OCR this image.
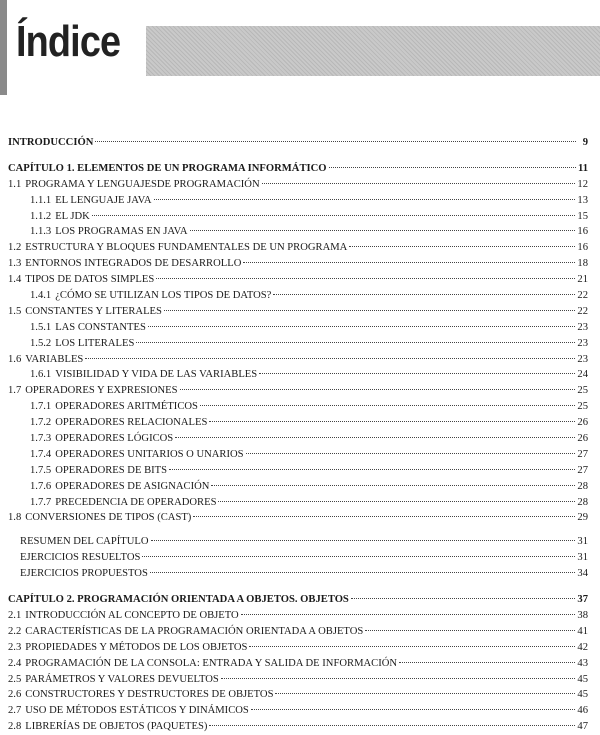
Índice
INTRODUCCIÓN	9
CAPÍTULO 1. ELEMENTOS DE UN PROGRAMA INFORMÁTICO	11
1.1 PROGRAMA Y LENGUAJESDE PROGRAMACIÓN	12
1.1.1 EL LENGUAJE JAVA	13
1.1.2 EL JDK	15
1.1.3 LOS PROGRAMAS EN JAVA	16
1.2 ESTRUCTURA Y BLOQUES FUNDAMENTALES DE UN PROGRAMA	16
1.3 ENTORNOS INTEGRADOS DE DESARROLLO	18
1.4 TIPOS DE DATOS SIMPLES	21
1.4.1 ¿CÓMO SE UTILIZAN LOS TIPOS DE DATOS?	22
1.5 CONSTANTES Y LITERALES	22
1.5.1 LAS CONSTANTES	23
1.5.2 LOS LITERALES	23
1.6 VARIABLES	23
1.6.1 VISIBILIDAD Y VIDA DE LAS VARIABLES	24
1.7 OPERADORES Y EXPRESIONES	25
1.7.1 OPERADORES ARITMÉTICOS	25
1.7.2 OPERADORES RELACIONALES	26
1.7.3 OPERADORES LÓGICOS	26
1.7.4 OPERADORES UNITARIOS O UNARIOS	27
1.7.5 OPERADORES DE BITS	27
1.7.6 OPERADORES DE ASIGNACIÓN	28
1.7.7 PRECEDENCIA DE OPERADORES	28
1.8 CONVERSIONES DE TIPOS (CAST)	29
RESUMEN DEL CAPÍTULO	31
EJERCICIOS RESUELTOS	31
EJERCICIOS PROPUESTOS	34
CAPÍTULO 2. PROGRAMACIÓN ORIENTADA A OBJETOS. OBJETOS	37
2.1 INTRODUCCIÓN AL CONCEPTO DE OBJETO	38
2.2 CARACTERÍSTICAS DE LA PROGRAMACIÓN ORIENTADA A OBJETOS	41
2.3 PROPIEDADES Y MÉTODOS DE LOS OBJETOS	42
2.4 PROGRAMACIÓN DE LA CONSOLA: ENTRADA Y SALIDA DE INFORMACIÓN	43
2.5 PARÁMETROS Y VALORES DEVUELTOS	45
2.6 CONSTRUCTORES Y DESTRUCTORES DE OBJETOS	45
2.7 USO DE MÉTODOS ESTÁTICOS Y DINÁMICOS	46
2.8 LIBRERÍAS DE OBJETOS (PAQUETES)	47
